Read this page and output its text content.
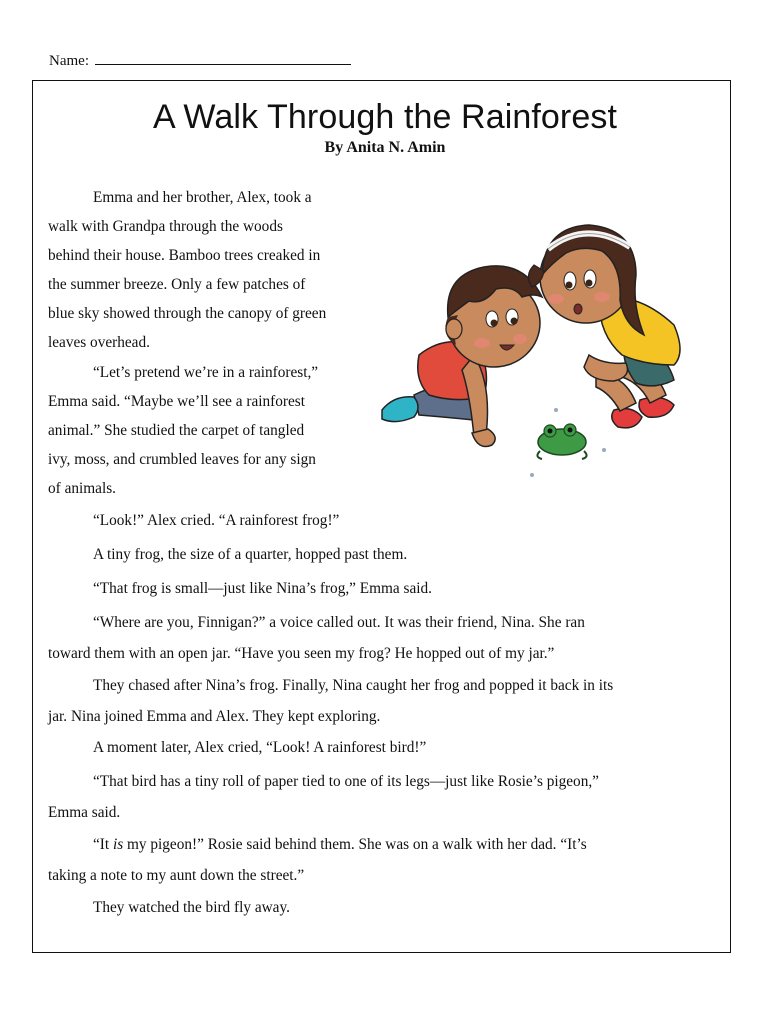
Name:
A Walk Through the Rainforest
By Anita N. Amin
Emma and her brother, Alex, took a
walk with Grandpa through the woods
behind their house. Bamboo trees creaked in
the summer breeze. Only a few patches of
blue sky showed through the canopy of green
leaves overhead.
“Let’s pretend we’re in a rainforest,”
Emma said. “Maybe we’ll see a rainforest
animal.” She studied the carpet of tangled
ivy, moss, and crumbled leaves for any sign
of animals.
“Look!” Alex cried. “A rainforest frog!”
A tiny frog, the size of a quarter, hopped past them.
“That frog is small—just like Nina’s frog,” Emma said.
“Where are you, Finnigan?” a voice called out. It was their friend, Nina. She ran
toward them with an open jar. “Have you seen my frog? He hopped out of my jar.”
They chased after Nina’s frog. Finally, Nina caught her frog and popped it back in its
jar. Nina joined Emma and Alex. They kept exploring.
A moment later, Alex cried, “Look! A rainforest bird!”
“That bird has a tiny roll of paper tied to one of its legs—just like Rosie’s pigeon,”
Emma said.
“It is my pigeon!” Rosie said behind them. She was on a walk with her dad. “It’s
taking a note to my aunt down the street.”
They watched the bird fly away.
